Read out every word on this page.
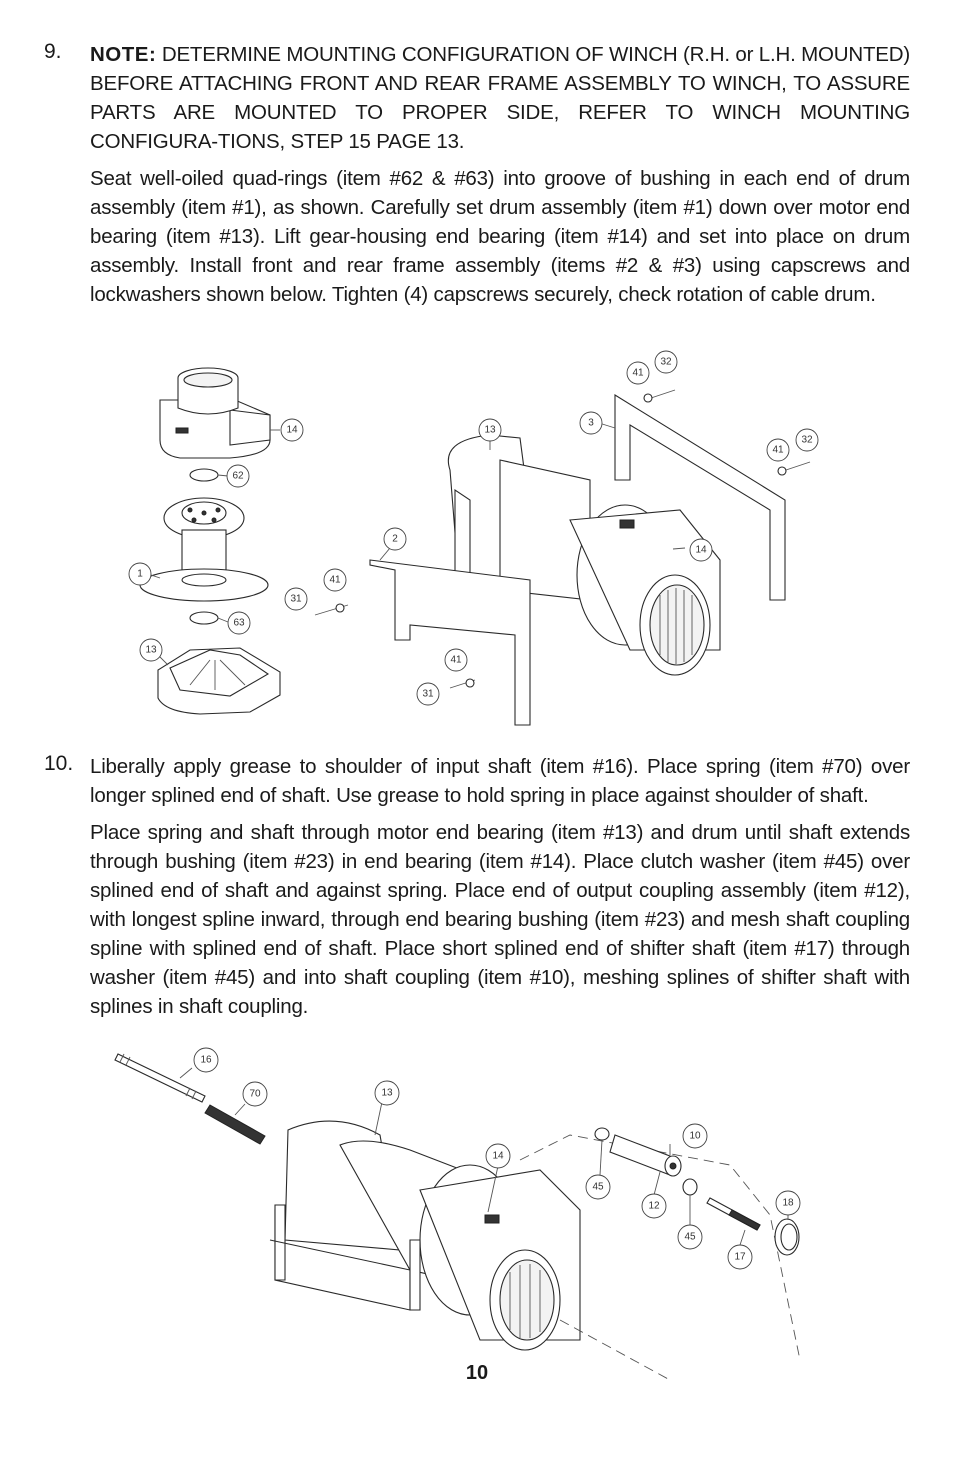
9. NOTE: DETERMINE MOUNTING CONFIGURATION OF WINCH (R.H. or L.H. MOUNTED) BEFORE ATTACHING FRONT AND REAR FRAME ASSEMBLY TO WINCH, TO ASSURE PARTS ARE MOUNTED TO PROPER SIDE, REFER TO WINCH MOUNTING CONFIGURA-TIONS, STEP 15 PAGE 13.

Seat well-oiled quad-rings (item #62 & #63) into groove of bushing in each end of drum assembly (item #1), as shown. Carefully set drum assembly (item #1) down over motor end bearing (item #13). Lift gear-housing end bearing (item #14) and set into place on drum assembly. Install front and rear frame assembly (items #2 & #3) using capscrews and lockwashers shown below. Tighten (4) capscrews securely, check rotation of cable drum.

14
62
1
63
13
13
2
41
31
41
31
3
41
32
41
32
14
10. Liberally apply grease to shoulder of input shaft (item #16). Place spring (item #70) over longer splined end of shaft. Use grease to hold spring in place against shoulder of shaft.

Place spring and shaft through motor end bearing (item #13) and drum until shaft extends through bushing (item #23) in end bearing (item #14). Place clutch washer (item #45) over splined end of shaft and against spring. Place end of output coupling assembly (item #12), with longest spline inward, through end bearing bushing (item #23) and mesh shaft coupling spline with splined end of shaft. Place short splined end of shifter shaft (item #17) through washer (item #45) and into shaft coupling (item #10), meshing splines of shifter shaft with splines in shaft coupling.

16
70	13
14
10
45
12
45
17
18
10
